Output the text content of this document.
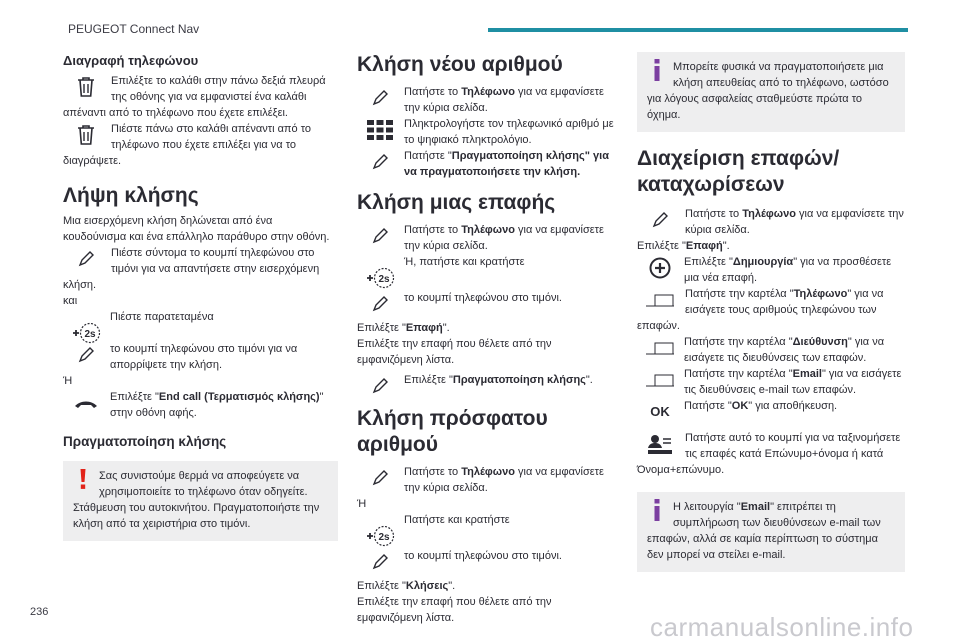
PEUGEOT Connect Nav
Διαγραφή τηλεφώνου
Επιλέξτε το καλάθι στην πάνω δεξιά πλευρά της οθόνης για να εμφανιστεί ένα καλάθι απέναντι από το τηλέφωνο που έχετε επιλέξει.
Πιέστε πάνω στο καλάθι απέναντι από το τηλέφωνο που έχετε επιλέξει για να το διαγράψετε.
Λήψη κλήσης

Μια εισερχόμενη κλήση δηλώνεται από ένα κουδούνισμα και ένα επάλληλο παράθυρο στην οθόνη.

Πιέστε σύντομα το κουμπί τηλεφώνου στο τιμόνι για να απαντήσετε στην εισερχόμενη κλήση.

και

2s
Πιέστε παρατεταμένα
το κουμπί τηλεφώνου στο τιμόνι για να απορρίψετε την κλήση.

Ή

Επιλέξτε "End call (Τερματισμός κλήσης)" στην οθόνη αφής.
Πραγματοποίηση κλήσης
Σας συνιστούμε θερμά να αποφεύγετε να χρησιμοποιείτε το τηλέφωνο όταν οδηγείτε. Στάθμευση του αυτοκινήτου. Πραγματοποιήστε την κλήση από τα χειριστήρια στο τιμόνι.
Κλήση νέου αριθμού
Πατήστε το Τηλέφωνο για να εμφανίσετε την κύρια σελίδα.
Πληκτρολογήστε τον τηλεφωνικό αριθμό με το ψηφιακό πληκτρολόγιο.
Πατήστε "Πραγματοποίηση κλήσης" για να πραγματοποιήσετε την κλήση.
Κλήση μιας επαφής
Πατήστε το Τηλέφωνο για να εμφανίσετε την κύρια σελίδα.
2s
Ή, πατήστε και κρατήστε
το κουμπί τηλεφώνου στο τιμόνι.

Επιλέξτε "Επαφή".

Επιλέξτε την επαφή που θέλετε από την εμφανιζόμενη λίστα.

Επιλέξτε "Πραγματοποίηση κλήσης".
Κλήση πρόσφατου αριθμού
Πατήστε το Τηλέφωνο για να εμφανίσετε την κύρια σελίδα.

Ή

2s
Πατήστε και κρατήστε
το κουμπί τηλεφώνου στο τιμόνι.

Επιλέξτε "Κλήσεις".

Επιλέξτε την επαφή που θέλετε από την εμφανιζόμενη λίστα.

Μπορείτε φυσικά να πραγματοποιήσετε μια κλήση απευθείας από το τηλέφωνο, ωστόσο για λόγους ασφαλείας σταθμεύστε πρώτα το όχημα.
Διαχείριση επαφών/
καταχωρίσεων
Πατήστε το Τηλέφωνο για να εμφανίσετε την κύρια σελίδα.

Επιλέξτε "Επαφή".

Επιλέξτε "Δημιουργία" για να προσθέσετε μια νέα επαφή.
Πατήστε την καρτέλα "Τηλέφωνο" για να εισάγετε τους αριθμούς τηλεφώνου των επαφών.
Πατήστε την καρτέλα "Διεύθυνση" για να εισάγετε τις διευθύνσεις των επαφών.
Πατήστε την καρτέλα "Email" για να εισάγετε τις διευθύνσεις e-mail των επαφών.
OK	Πατήστε "OK" για αποθήκευση.
Πατήστε αυτό το κουμπί για να ταξινομήσετε τις επαφές κατά Επώνυμο+όνομα ή κατά Όνομα+επώνυμο.
Η λειτουργία "Email" επιτρέπει τη συμπλήρωση των διευθύνσεων e-mail των επαφών, αλλά σε καμία περίπτωση το σύστημα δεν μπορεί να στείλει e-mail.
236	carmanualsonline.info
